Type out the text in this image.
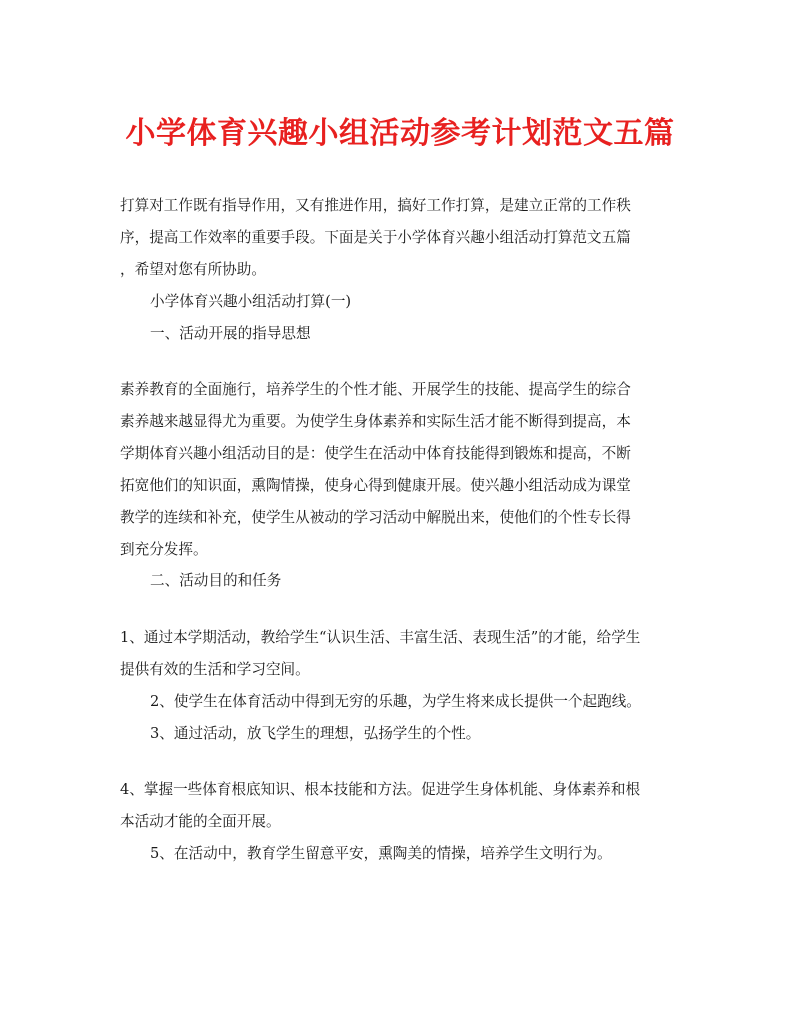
小学体育兴趣小组活动参考计划范文五篇
打算对工作既有指导作用，又有推进作用，搞好工作打算，是建立正常的工作秩
序，提高工作效率的重要手段。下面是关于小学体育兴趣小组活动打算范文五篇
，希望对您有所协助。
小学体育兴趣小组活动打算(一)
一、活动开展的指导思想
素养教育的全面施行，培养学生的个性才能、开展学生的技能、提高学生的综合
素养越来越显得尤为重要。为使学生身体素养和实际生活才能不断得到提高，本
学期体育兴趣小组活动目的是：使学生在活动中体育技能得到锻炼和提高，不断
拓宽他们的知识面，熏陶情操，使身心得到健康开展。使兴趣小组活动成为课堂
教学的连续和补充，使学生从被动的学习活动中解脱出来，使他们的个性专长得
到充分发挥。
二、活动目的和任务
1、通过本学期活动，教给学生“认识生活、丰富生活、表现生活”的才能，给学生
提供有效的生活和学习空间。
2、使学生在体育活动中得到无穷的乐趣，为学生将来成长提供一个起跑线。
3、通过活动，放飞学生的理想，弘扬学生的个性。
4、掌握一些体育根底知识、根本技能和方法。促进学生身体机能、身体素养和根
本活动才能的全面开展。
5、在活动中，教育学生留意平安，熏陶美的情操，培养学生文明行为。
